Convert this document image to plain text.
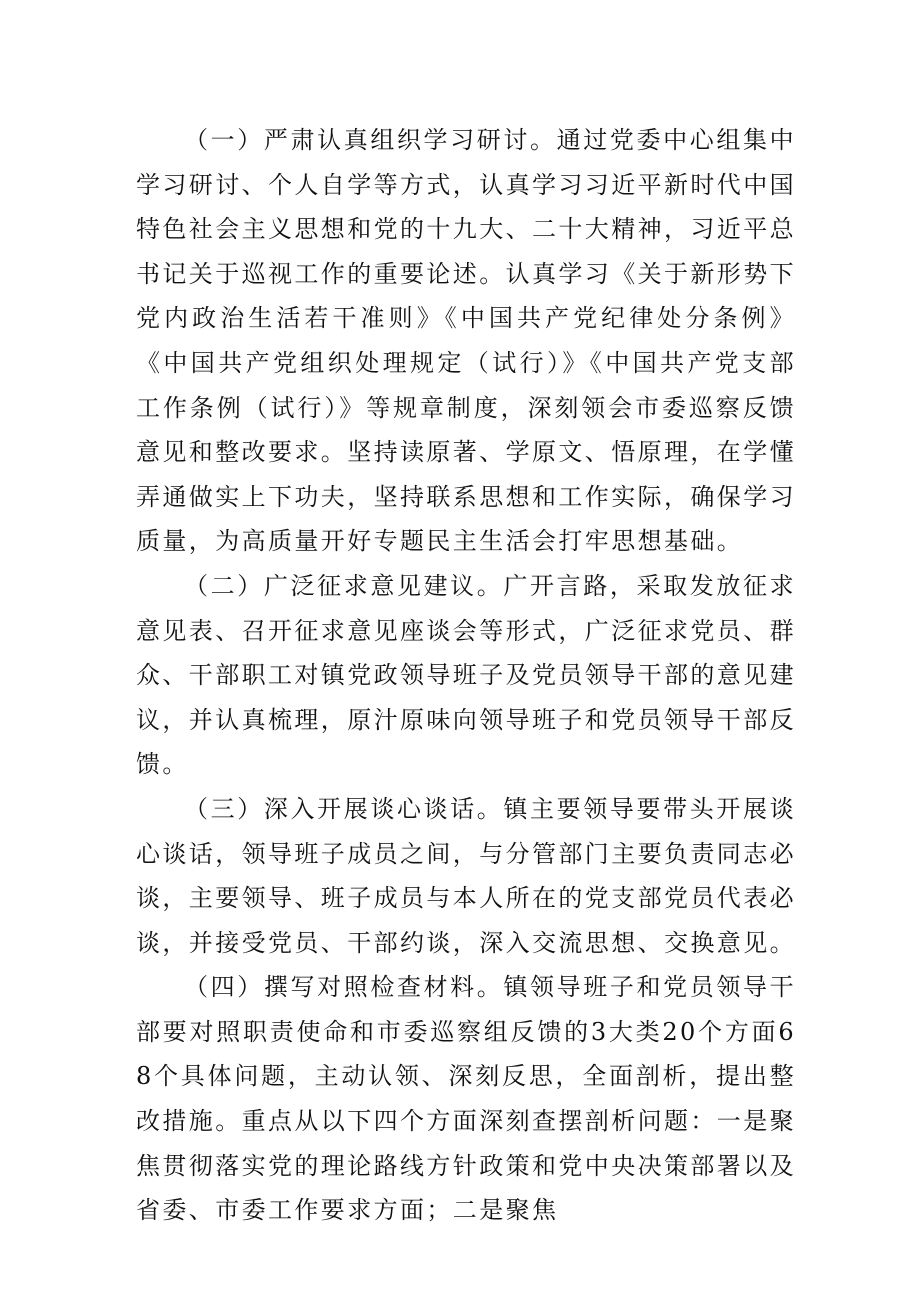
（一）严肃认真组织学习研讨。通过党委中心组集中学习研讨、个人自学等方式，认真学习习近平新时代中国特色社会主义思想和党的十九大、二十大精神，习近平总书记关于巡视工作的重要论述。认真学习《关于新形势下党内政治生活若干准则》《中国共产党纪律处分条例》《中国共产党组织处理规定（试行）》《中国共产党支部工作条例（试行）》等规章制度，深刻领会市委巡察反馈意见和整改要求。坚持读原著、学原文、悟原理，在学懂弄通做实上下功夫，坚持联系思想和工作实际，确保学习质量，为高质量开好专题民主生活会打牢思想基础。

（二）广泛征求意见建议。广开言路，采取发放征求意见表、召开征求意见座谈会等形式，广泛征求党员、群众、干部职工对镇党政领导班子及党员领导干部的意见建议，并认真梳理，原汁原味向领导班子和党员领导干部反馈。

（三）深入开展谈心谈话。镇主要领导要带头开展谈心谈话，领导班子成员之间，与分管部门主要负责同志必谈，主要领导、班子成员与本人所在的党支部党员代表必谈，并接受党员、干部约谈，深入交流思想、交换意见。

（四）撰写对照检查材料。镇领导班子和党员领导干部要对照职责使命和市委巡察组反馈的3大类20个方面68个具体问题，主动认领、深刻反思，全面剖析，提出整改措施。重点从以下四个方面深刻查摆剖析问题：一是聚焦贯彻落实党的理论路线方针政策和党中央决策部署以及省委、市委工作要求方面；二是聚焦
